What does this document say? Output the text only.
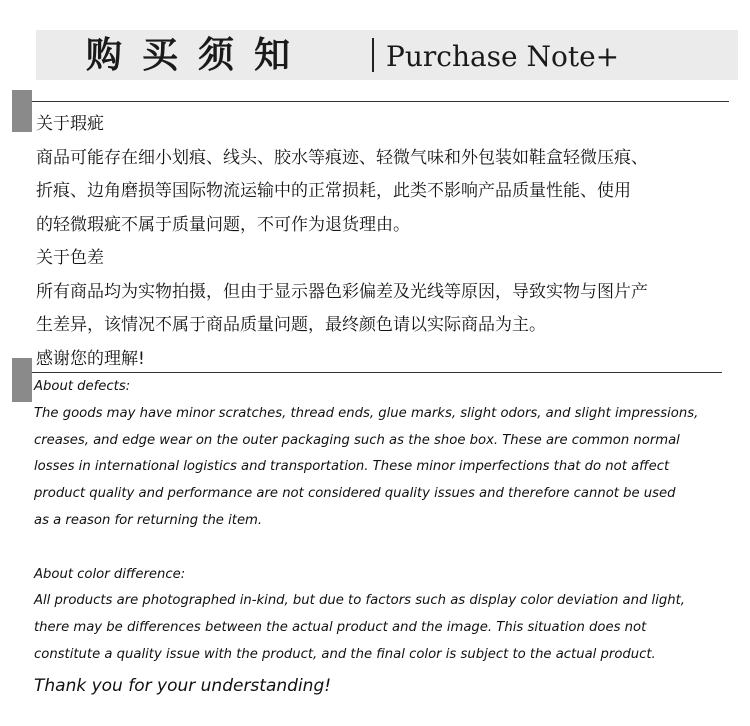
购买须知	Purchase Note+
关于瑕疵
商品可能存在细小划痕、线头、胶水等痕迹、轻微气味和外包装如鞋盒轻微压痕、
折痕、边角磨损等国际物流运输中的正常损耗，此类不影响产品质量性能、使用
的轻微瑕疵不属于质量问题，不可作为退货理由。
关于色差
所有商品均为实物拍摄，但由于显示器色彩偏差及光线等原因，导致实物与图片产
生差异，该情况不属于商品质量问题，最终颜色请以实际商品为主。
感谢您的理解!
About defects:
The goods may have minor scratches, thread ends, glue marks, slight odors, and slight impressions,
creases, and edge wear on the outer packaging such as the shoe box. These are common normal
losses in international logistics and transportation. These minor imperfections that do not affect
product quality and performance are not considered quality issues and therefore cannot be used
as a reason for returning the item.
About color difference:
All products are photographed in-kind, but due to factors such as display color deviation and light,
there may be differences between the actual product and the image. This situation does not
constitute a quality issue with the product, and the final color is subject to the actual product.
Thank you for your understanding!
